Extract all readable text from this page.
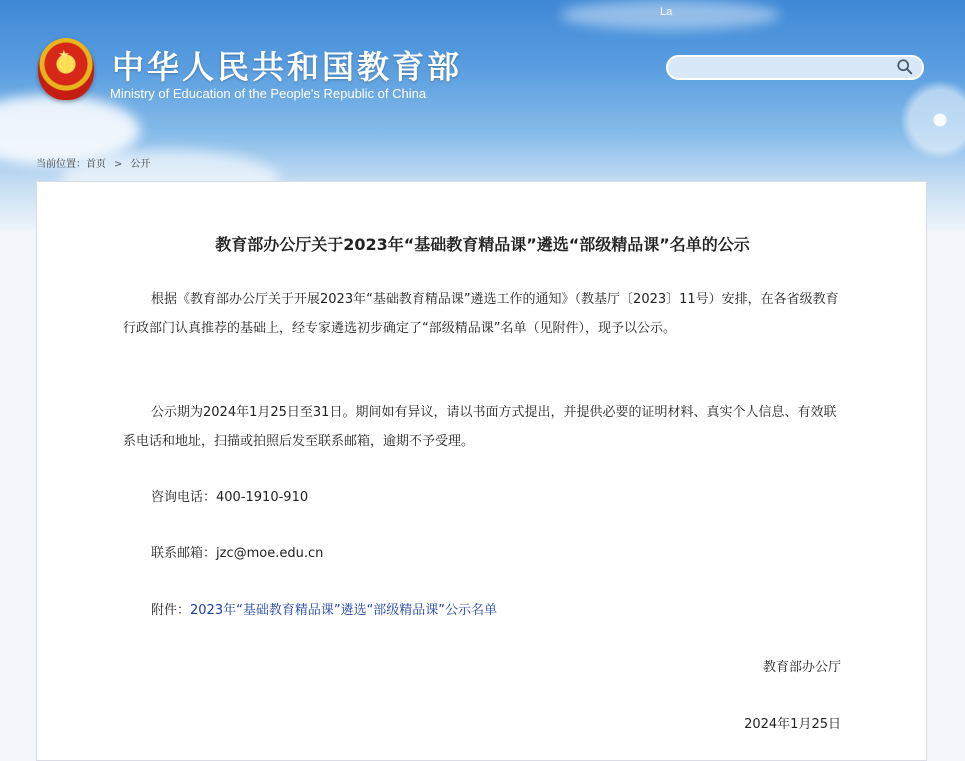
★ 中华人民共和国教育部
Ministry of Education of the People's Republic of China
La
当前位置：首页 > 公开
教育部办公厅关于2023年“基础教育精品课”遴选“部级精品课”名单的公示

根据《教育部办公厅关于开展2023年“基础教育精品课”遴选工作的通知》（教基厅〔2023〕11号）安排，在各省级教育行政部门认真推荐的基础上，经专家遴选初步确定了“部级精品课”名单（见附件），现予以公示。

公示期为2024年1月25日至31日。期间如有异议，请以书面方式提出，并提供必要的证明材料、真实个人信息、有效联系电话和地址，扫描或拍照后发至联系邮箱，逾期不予受理。

咨询电话：400-1910-910
联系邮箱：jzc@moe.edu.cn
附件：2023年“基础教育精品课”遴选“部级精品课”公示名单
教育部办公厅
2024年1月25日
